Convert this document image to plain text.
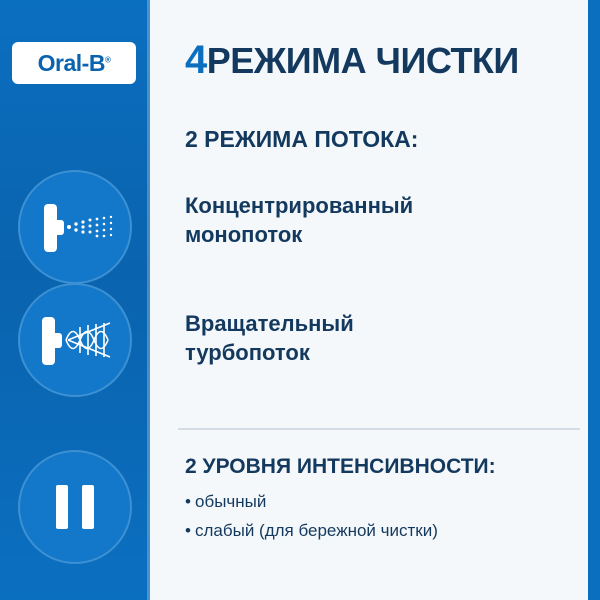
Oral-B® 4РЕЖИМА ЧИСТКИ
2 РЕЖИМА ПОТОКА:
Концентрированный
монопоток
Вращательный
турбопоток
2 УРОВНЯ ИНТЕНСИВНОСТИ:
• обычный
• слабый (для бережной чистки)
